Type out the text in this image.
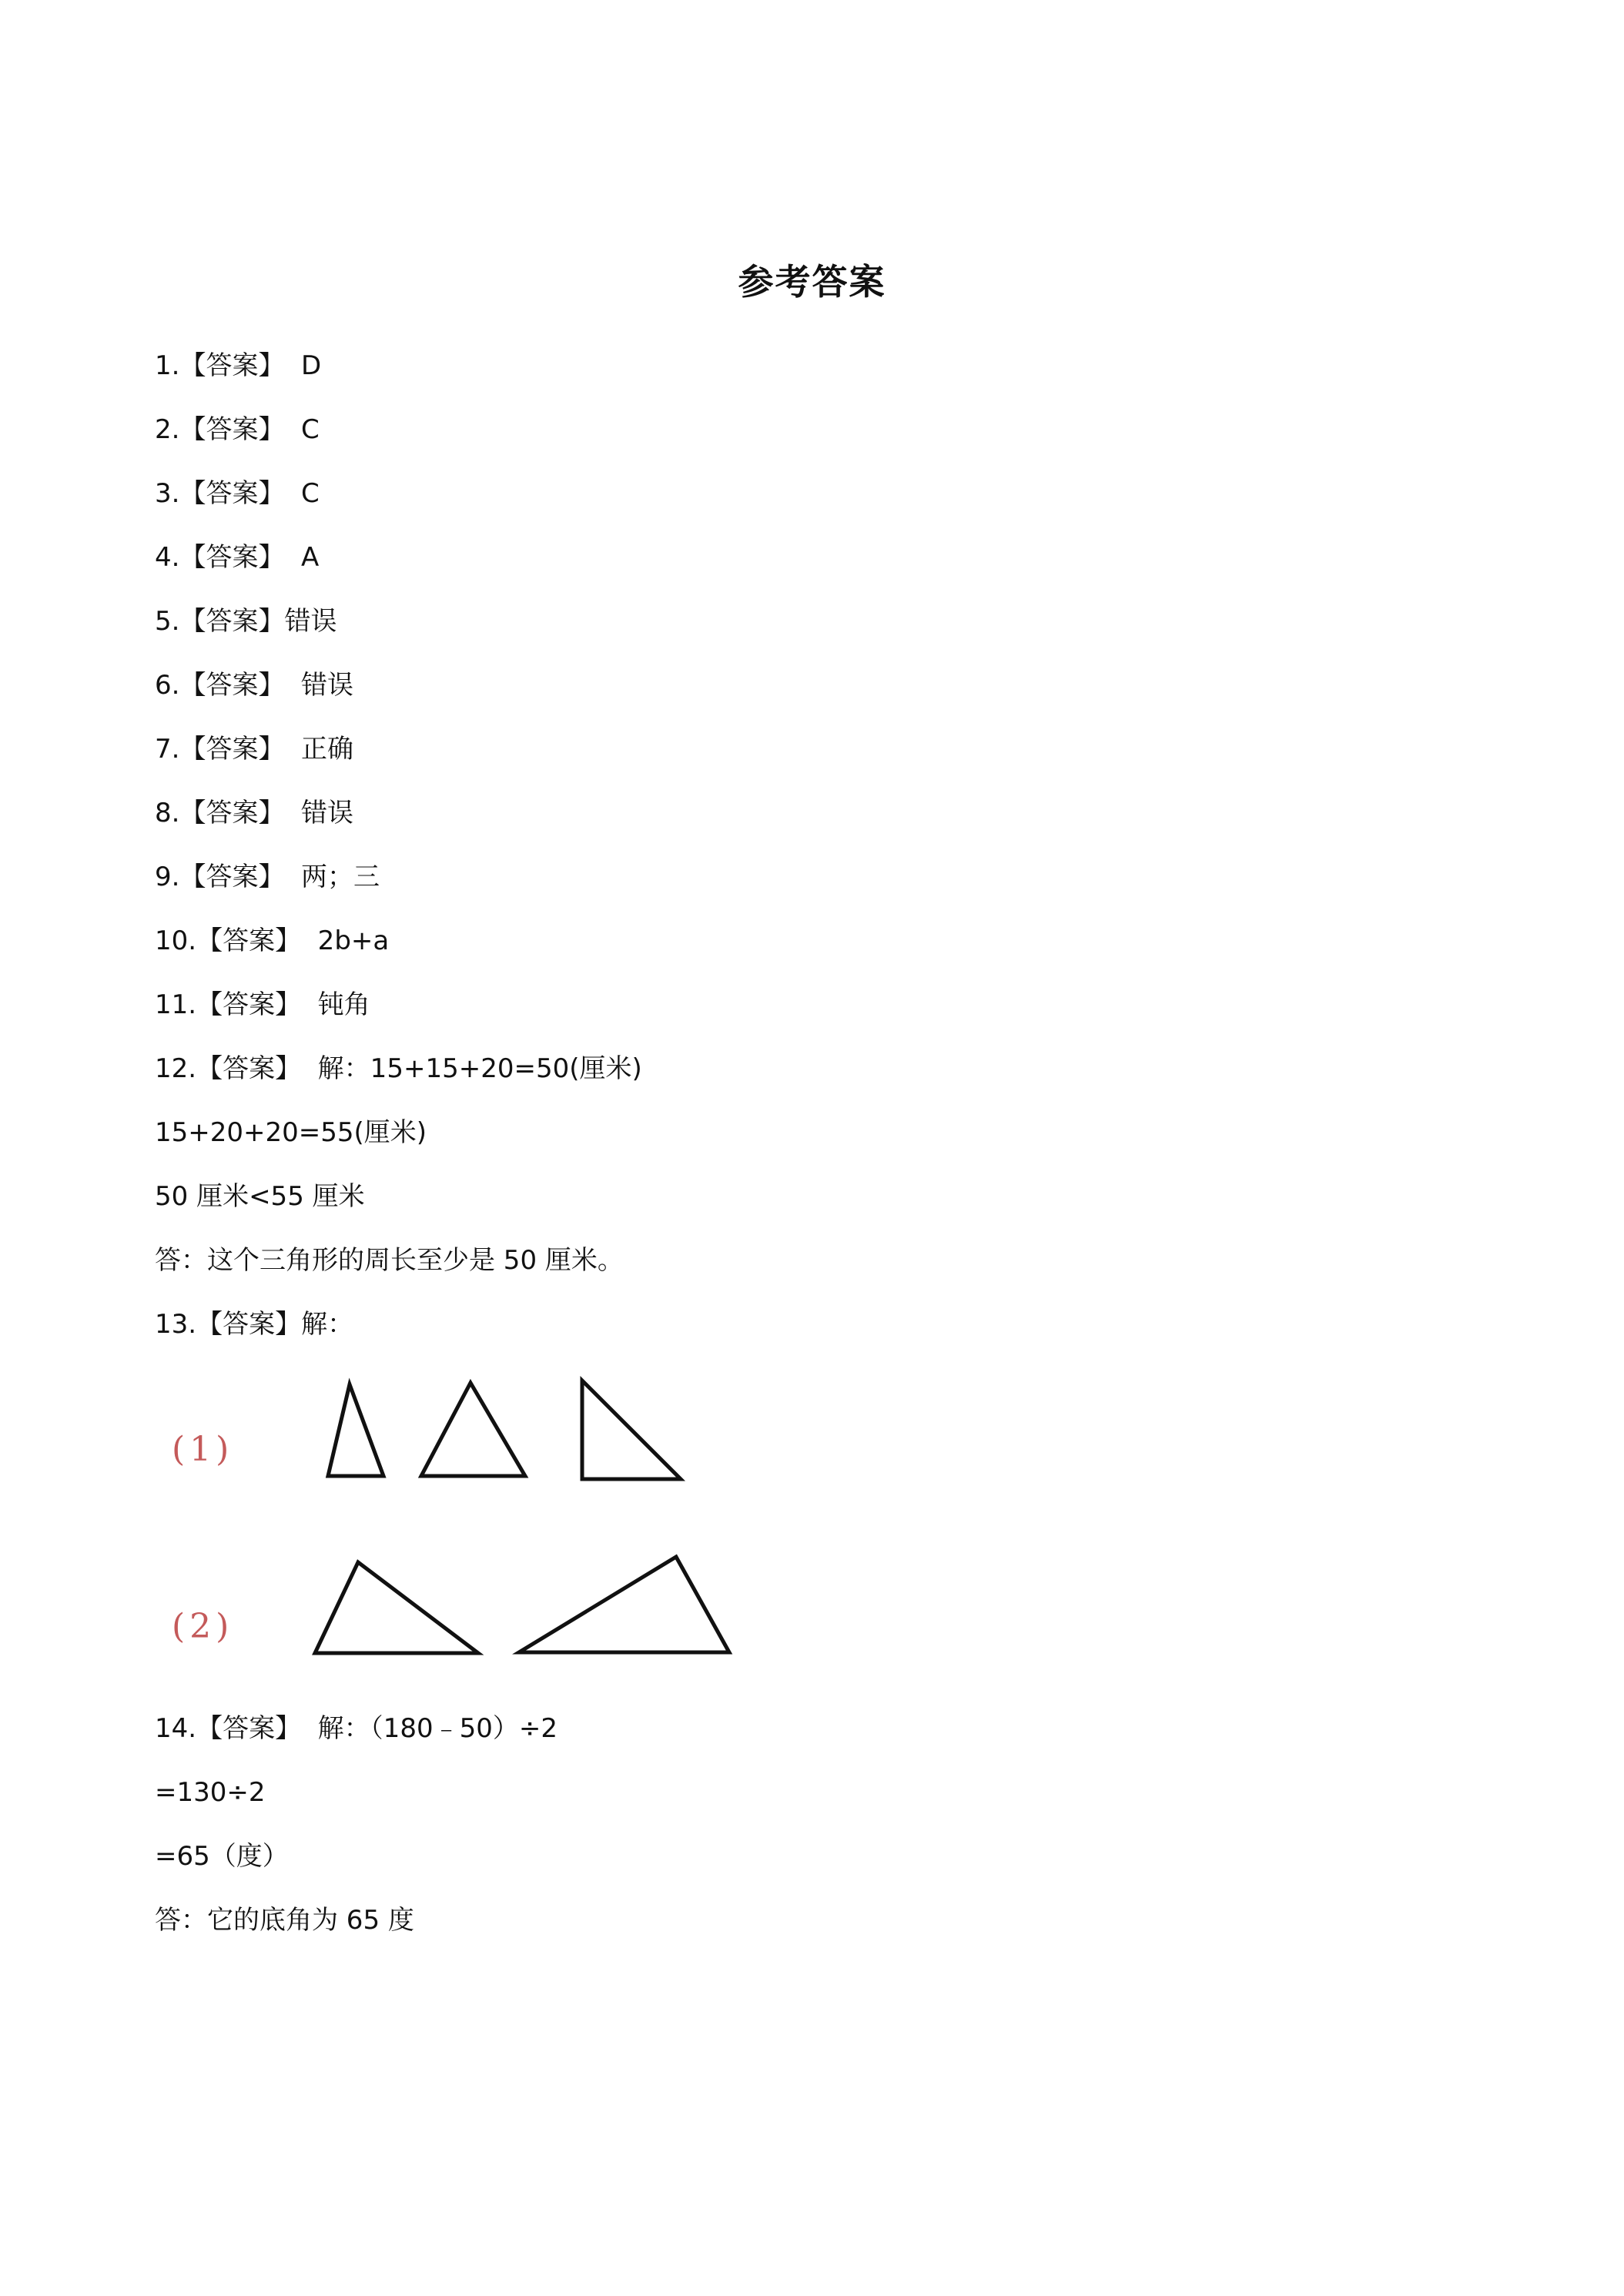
参考答案
1.【答案】  D
2.【答案】  C
3.【答案】  C
4.【答案】  A
5.【答案】错误
6.【答案】  错误
7.【答案】  正确
8.【答案】  错误
9.【答案】  两；三
10.【答案】  2b+a
11.【答案】  钝角
12.【答案】  解：15+15+20=50(厘米)
15+20+20=55(厘米)
50 厘米<55 厘米
答：这个三角形的周长至少是 50 厘米。
13.【答案】解：
(1)
(2)
14.【答案】  解：（180﹣50）÷2
=130÷2
=65（度）
答：它的底角为 65 度
